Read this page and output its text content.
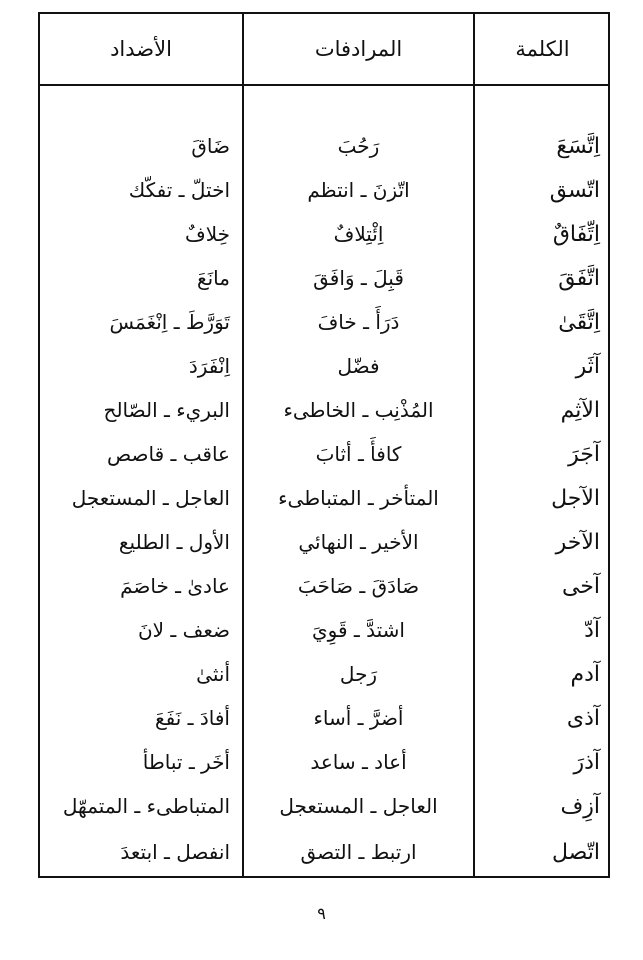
الكلمة
المرادفات
الأضداد
اِتَّسَعَ
رَحُبَ
ضَاقَ
اتّسق
اتّزنَ ـ انتظم
اختلّ ـ تفكّك
اِتِّفَاقٌ
اِئْتِلافٌ
خِلافٌ
اتَّفَقَ
قَبِلَ ـ وَافَقَ
مانَعَ
اِتَّقَىٰ
دَرَأَ ـ خافَ
تَوَرَّطَ ـ اِنْغَمَسَ
آثَر
فضّل
اِنْفَرَدَ
الآثِم
المُذْنِب ـ الخاطىء
البريء ـ الصّالح
آجَرَ
كافأَ ـ أثابَ
عاقب ـ قاصص
الآجل
المتأخر ـ المتباطىء
العاجل ـ المستعجل
الآخر
الأخير ـ النهائي
الأول ـ الطليع
آخى
صَادَقَ ـ صَاحَبَ
عادىٰ ـ خاصَمَ
آدّ
اشتدَّ ـ قَوِيَ
ضعف ـ لانَ
آدم
رَجل
أنثىٰ
آذى
أضرَّ ـ أساء
أفادَ ـ نَفَعَ
آذرَ
أعاد ـ ساعد
أخَر ـ تباطأ
آزِف
العاجل ـ المستعجل
المتباطىء ـ المتمهّل
اتّصل
ارتبط ـ التصق
انفصل ـ ابتعدَ
٩
